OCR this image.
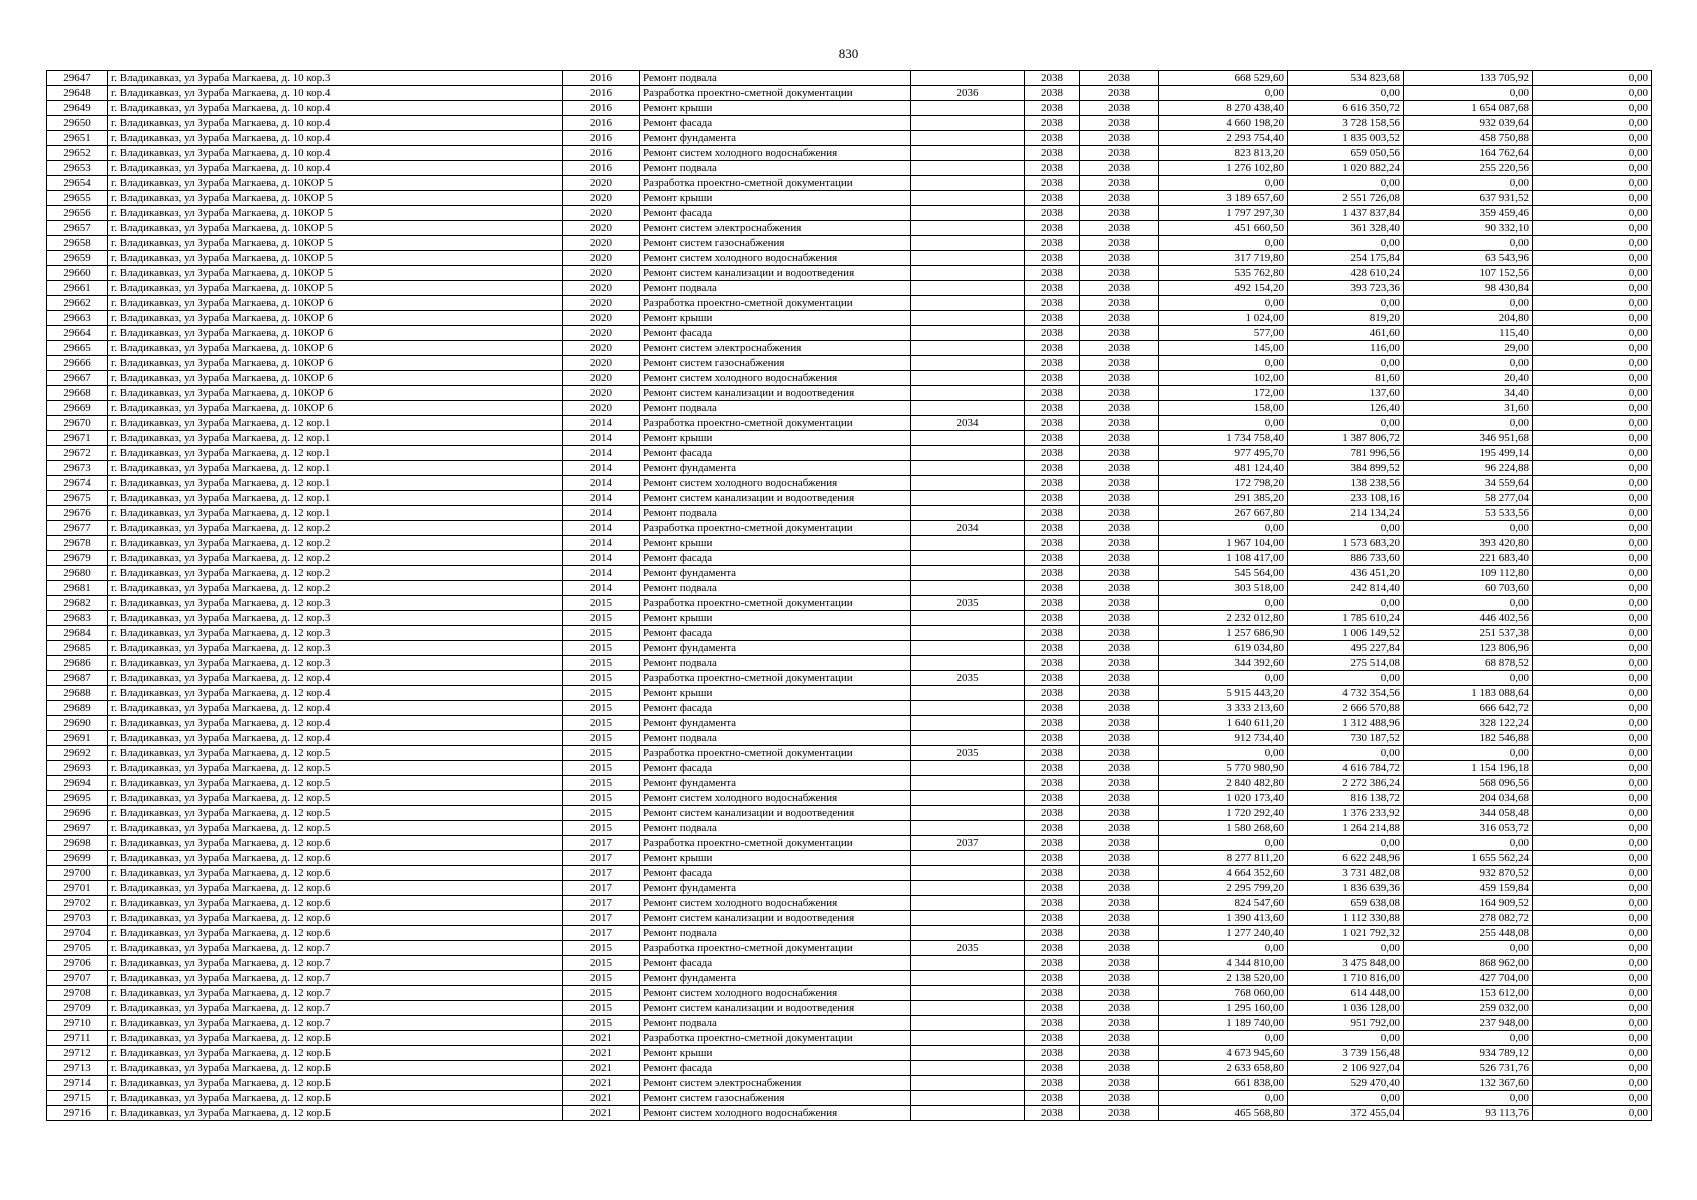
830
29647	г. Владикавказ, ул Зураба Магкаева, д. 10 кор.3	2016	Ремонт подвала		2038	2038	668 529,60	534 823,68	133 705,92	0,00
29648	г. Владикавказ, ул Зураба Магкаева, д. 10 кор.4	2016	Разработка проектно-сметной документации	2036	2038	2038	0,00	0,00	0,00	0,00
29649	г. Владикавказ, ул Зураба Магкаева, д. 10 кор.4	2016	Ремонт крыши		2038	2038	8 270 438,40	6 616 350,72	1 654 087,68	0,00
29650	г. Владикавказ, ул Зураба Магкаева, д. 10 кор.4	2016	Ремонт фасада		2038	2038	4 660 198,20	3 728 158,56	932 039,64	0,00
29651	г. Владикавказ, ул Зураба Магкаева, д. 10 кор.4	2016	Ремонт фундамента		2038	2038	2 293 754,40	1 835 003,52	458 750,88	0,00
29652	г. Владикавказ, ул Зураба Магкаева, д. 10 кор.4	2016	Ремонт систем холодного водоснабжения		2038	2038	823 813,20	659 050,56	164 762,64	0,00
29653	г. Владикавказ, ул Зураба Магкаева, д. 10 кор.4	2016	Ремонт подвала		2038	2038	1 276 102,80	1 020 882,24	255 220,56	0,00
29654	г. Владикавказ, ул Зураба Магкаева, д. 10КОР 5	2020	Разработка проектно-сметной документации		2038	2038	0,00	0,00	0,00	0,00
29655	г. Владикавказ, ул Зураба Магкаева, д. 10КОР 5	2020	Ремонт крыши		2038	2038	3 189 657,60	2 551 726,08	637 931,52	0,00
29656	г. Владикавказ, ул Зураба Магкаева, д. 10КОР 5	2020	Ремонт фасада		2038	2038	1 797 297,30	1 437 837,84	359 459,46	0,00
29657	г. Владикавказ, ул Зураба Магкаева, д. 10КОР 5	2020	Ремонт систем электроснабжения		2038	2038	451 660,50	361 328,40	90 332,10	0,00
29658	г. Владикавказ, ул Зураба Магкаева, д. 10КОР 5	2020	Ремонт систем газоснабжения		2038	2038	0,00	0,00	0,00	0,00
29659	г. Владикавказ, ул Зураба Магкаева, д. 10КОР 5	2020	Ремонт систем холодного водоснабжения		2038	2038	317 719,80	254 175,84	63 543,96	0,00
29660	г. Владикавказ, ул Зураба Магкаева, д. 10КОР 5	2020	Ремонт систем канализации и водоотведения		2038	2038	535 762,80	428 610,24	107 152,56	0,00
29661	г. Владикавказ, ул Зураба Магкаева, д. 10КОР 5	2020	Ремонт подвала		2038	2038	492 154,20	393 723,36	98 430,84	0,00
29662	г. Владикавказ, ул Зураба Магкаева, д. 10КОР 6	2020	Разработка проектно-сметной документации		2038	2038	0,00	0,00	0,00	0,00
29663	г. Владикавказ, ул Зураба Магкаева, д. 10КОР 6	2020	Ремонт крыши		2038	2038	1 024,00	819,20	204,80	0,00
29664	г. Владикавказ, ул Зураба Магкаева, д. 10КОР 6	2020	Ремонт фасада		2038	2038	577,00	461,60	115,40	0,00
29665	г. Владикавказ, ул Зураба Магкаева, д. 10КОР 6	2020	Ремонт систем электроснабжения		2038	2038	145,00	116,00	29,00	0,00
29666	г. Владикавказ, ул Зураба Магкаева, д. 10КОР 6	2020	Ремонт систем газоснабжения		2038	2038	0,00	0,00	0,00	0,00
29667	г. Владикавказ, ул Зураба Магкаева, д. 10КОР 6	2020	Ремонт систем холодного водоснабжения		2038	2038	102,00	81,60	20,40	0,00
29668	г. Владикавказ, ул Зураба Магкаева, д. 10КОР 6	2020	Ремонт систем канализации и водоотведения		2038	2038	172,00	137,60	34,40	0,00
29669	г. Владикавказ, ул Зураба Магкаева, д. 10КОР 6	2020	Ремонт подвала		2038	2038	158,00	126,40	31,60	0,00
29670	г. Владикавказ, ул Зураба Магкаева, д. 12 кор.1	2014	Разработка проектно-сметной документации	2034	2038	2038	0,00	0,00	0,00	0,00
29671	г. Владикавказ, ул Зураба Магкаева, д. 12 кор.1	2014	Ремонт крыши		2038	2038	1 734 758,40	1 387 806,72	346 951,68	0,00
29672	г. Владикавказ, ул Зураба Магкаева, д. 12 кор.1	2014	Ремонт фасада		2038	2038	977 495,70	781 996,56	195 499,14	0,00
29673	г. Владикавказ, ул Зураба Магкаева, д. 12 кор.1	2014	Ремонт фундамента		2038	2038	481 124,40	384 899,52	96 224,88	0,00
29674	г. Владикавказ, ул Зураба Магкаева, д. 12 кор.1	2014	Ремонт систем холодного водоснабжения		2038	2038	172 798,20	138 238,56	34 559,64	0,00
29675	г. Владикавказ, ул Зураба Магкаева, д. 12 кор.1	2014	Ремонт систем канализации и водоотведения		2038	2038	291 385,20	233 108,16	58 277,04	0,00
29676	г. Владикавказ, ул Зураба Магкаева, д. 12 кор.1	2014	Ремонт подвала		2038	2038	267 667,80	214 134,24	53 533,56	0,00
29677	г. Владикавказ, ул Зураба Магкаева, д. 12 кор.2	2014	Разработка проектно-сметной документации	2034	2038	2038	0,00	0,00	0,00	0,00
29678	г. Владикавказ, ул Зураба Магкаева, д. 12 кор.2	2014	Ремонт крыши		2038	2038	1 967 104,00	1 573 683,20	393 420,80	0,00
29679	г. Владикавказ, ул Зураба Магкаева, д. 12 кор.2	2014	Ремонт фасада		2038	2038	1 108 417,00	886 733,60	221 683,40	0,00
29680	г. Владикавказ, ул Зураба Магкаева, д. 12 кор.2	2014	Ремонт фундамента		2038	2038	545 564,00	436 451,20	109 112,80	0,00
29681	г. Владикавказ, ул Зураба Магкаева, д. 12 кор.2	2014	Ремонт подвала		2038	2038	303 518,00	242 814,40	60 703,60	0,00
29682	г. Владикавказ, ул Зураба Магкаева, д. 12 кор.3	2015	Разработка проектно-сметной документации	2035	2038	2038	0,00	0,00	0,00	0,00
29683	г. Владикавказ, ул Зураба Магкаева, д. 12 кор.3	2015	Ремонт крыши		2038	2038	2 232 012,80	1 785 610,24	446 402,56	0,00
29684	г. Владикавказ, ул Зураба Магкаева, д. 12 кор.3	2015	Ремонт фасада		2038	2038	1 257 686,90	1 006 149,52	251 537,38	0,00
29685	г. Владикавказ, ул Зураба Магкаева, д. 12 кор.3	2015	Ремонт фундамента		2038	2038	619 034,80	495 227,84	123 806,96	0,00
29686	г. Владикавказ, ул Зураба Магкаева, д. 12 кор.3	2015	Ремонт подвала		2038	2038	344 392,60	275 514,08	68 878,52	0,00
29687	г. Владикавказ, ул Зураба Магкаева, д. 12 кор.4	2015	Разработка проектно-сметной документации	2035	2038	2038	0,00	0,00	0,00	0,00
29688	г. Владикавказ, ул Зураба Магкаева, д. 12 кор.4	2015	Ремонт крыши		2038	2038	5 915 443,20	4 732 354,56	1 183 088,64	0,00
29689	г. Владикавказ, ул Зураба Магкаева, д. 12 кор.4	2015	Ремонт фасада		2038	2038	3 333 213,60	2 666 570,88	666 642,72	0,00
29690	г. Владикавказ, ул Зураба Магкаева, д. 12 кор.4	2015	Ремонт фундамента		2038	2038	1 640 611,20	1 312 488,96	328 122,24	0,00
29691	г. Владикавказ, ул Зураба Магкаева, д. 12 кор.4	2015	Ремонт подвала		2038	2038	912 734,40	730 187,52	182 546,88	0,00
29692	г. Владикавказ, ул Зураба Магкаева, д. 12 кор.5	2015	Разработка проектно-сметной документации	2035	2038	2038	0,00	0,00	0,00	0,00
29693	г. Владикавказ, ул Зураба Магкаева, д. 12 кор.5	2015	Ремонт фасада		2038	2038	5 770 980,90	4 616 784,72	1 154 196,18	0,00
29694	г. Владикавказ, ул Зураба Магкаева, д. 12 кор.5	2015	Ремонт фундамента		2038	2038	2 840 482,80	2 272 386,24	568 096,56	0,00
29695	г. Владикавказ, ул Зураба Магкаева, д. 12 кор.5	2015	Ремонт систем холодного водоснабжения		2038	2038	1 020 173,40	816 138,72	204 034,68	0,00
29696	г. Владикавказ, ул Зураба Магкаева, д. 12 кор.5	2015	Ремонт систем канализации и водоотведения		2038	2038	1 720 292,40	1 376 233,92	344 058,48	0,00
29697	г. Владикавказ, ул Зураба Магкаева, д. 12 кор.5	2015	Ремонт подвала		2038	2038	1 580 268,60	1 264 214,88	316 053,72	0,00
29698	г. Владикавказ, ул Зураба Магкаева, д. 12 кор.6	2017	Разработка проектно-сметной документации	2037	2038	2038	0,00	0,00	0,00	0,00
29699	г. Владикавказ, ул Зураба Магкаева, д. 12 кор.6	2017	Ремонт крыши		2038	2038	8 277 811,20	6 622 248,96	1 655 562,24	0,00
29700	г. Владикавказ, ул Зураба Магкаева, д. 12 кор.6	2017	Ремонт фасада		2038	2038	4 664 352,60	3 731 482,08	932 870,52	0,00
29701	г. Владикавказ, ул Зураба Магкаева, д. 12 кор.6	2017	Ремонт фундамента		2038	2038	2 295 799,20	1 836 639,36	459 159,84	0,00
29702	г. Владикавказ, ул Зураба Магкаева, д. 12 кор.6	2017	Ремонт систем холодного водоснабжения		2038	2038	824 547,60	659 638,08	164 909,52	0,00
29703	г. Владикавказ, ул Зураба Магкаева, д. 12 кор.6	2017	Ремонт систем канализации и водоотведения		2038	2038	1 390 413,60	1 112 330,88	278 082,72	0,00
29704	г. Владикавказ, ул Зураба Магкаева, д. 12 кор.6	2017	Ремонт подвала		2038	2038	1 277 240,40	1 021 792,32	255 448,08	0,00
29705	г. Владикавказ, ул Зураба Магкаева, д. 12 кор.7	2015	Разработка проектно-сметной документации	2035	2038	2038	0,00	0,00	0,00	0,00
29706	г. Владикавказ, ул Зураба Магкаева, д. 12 кор.7	2015	Ремонт фасада		2038	2038	4 344 810,00	3 475 848,00	868 962,00	0,00
29707	г. Владикавказ, ул Зураба Магкаева, д. 12 кор.7	2015	Ремонт фундамента		2038	2038	2 138 520,00	1 710 816,00	427 704,00	0,00
29708	г. Владикавказ, ул Зураба Магкаева, д. 12 кор.7	2015	Ремонт систем холодного водоснабжения		2038	2038	768 060,00	614 448,00	153 612,00	0,00
29709	г. Владикавказ, ул Зураба Магкаева, д. 12 кор.7	2015	Ремонт систем канализации и водоотведения		2038	2038	1 295 160,00	1 036 128,00	259 032,00	0,00
29710	г. Владикавказ, ул Зураба Магкаева, д. 12 кор.7	2015	Ремонт подвала		2038	2038	1 189 740,00	951 792,00	237 948,00	0,00
29711	г. Владикавказ, ул Зураба Магкаева, д. 12 кор.Б	2021	Разработка проектно-сметной документации		2038	2038	0,00	0,00	0,00	0,00
29712	г. Владикавказ, ул Зураба Магкаева, д. 12 кор.Б	2021	Ремонт крыши		2038	2038	4 673 945,60	3 739 156,48	934 789,12	0,00
29713	г. Владикавказ, ул Зураба Магкаева, д. 12 кор.Б	2021	Ремонт фасада		2038	2038	2 633 658,80	2 106 927,04	526 731,76	0,00
29714	г. Владикавказ, ул Зураба Магкаева, д. 12 кор.Б	2021	Ремонт систем электроснабжения		2038	2038	661 838,00	529 470,40	132 367,60	0,00
29715	г. Владикавказ, ул Зураба Магкаева, д. 12 кор.Б	2021	Ремонт систем газоснабжения		2038	2038	0,00	0,00	0,00	0,00
29716	г. Владикавказ, ул Зураба Магкаева, д. 12 кор.Б	2021	Ремонт систем холодного водоснабжения		2038	2038	465 568,80	372 455,04	93 113,76	0,00
